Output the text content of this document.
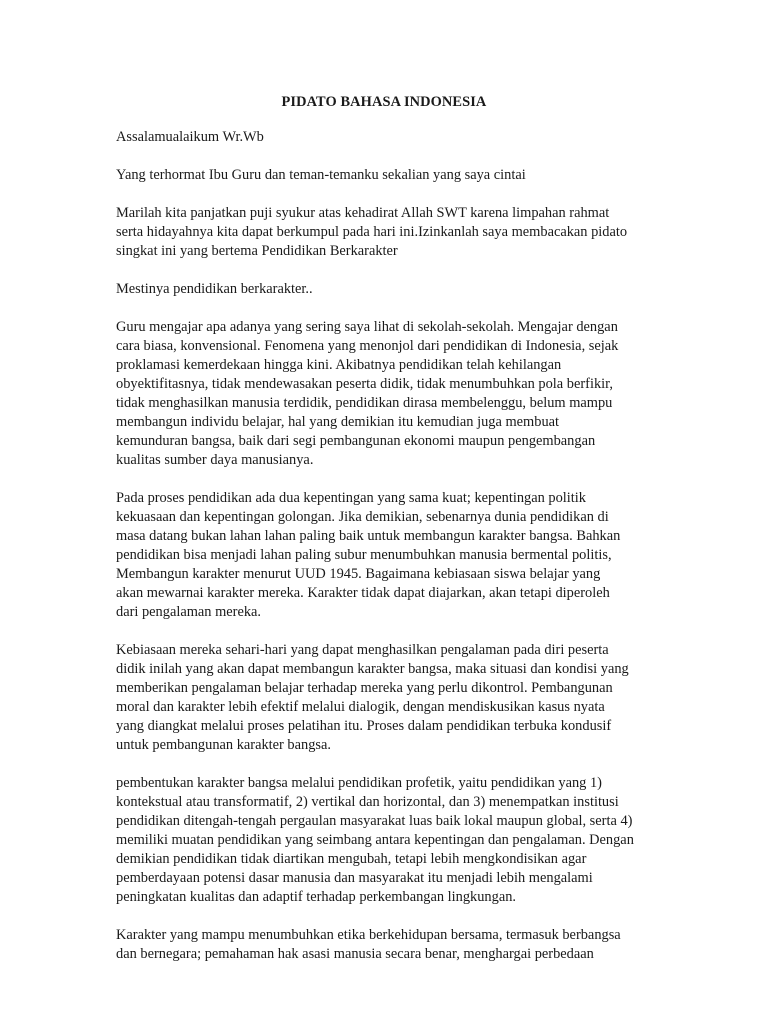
PIDATO BAHASA INDONESIA

Assalamualaikum Wr.Wb

Yang terhormat Ibu Guru dan teman-temanku sekalian yang saya cintai

Marilah kita panjatkan puji syukur atas kehadirat Allah SWT karena limpahan rahmat
serta hidayahnya kita dapat berkumpul pada hari ini.Izinkanlah saya membacakan pidato
singkat ini yang bertema Pendidikan Berkarakter

Mestinya pendidikan berkarakter..

Guru mengajar apa adanya yang sering saya lihat di sekolah-sekolah. Mengajar dengan
cara biasa, konvensional. Fenomena yang menonjol dari pendidikan di Indonesia, sejak
proklamasi kemerdekaan hingga kini. Akibatnya pendidikan telah kehilangan
obyektifitasnya, tidak mendewasakan peserta didik, tidak menumbuhkan pola berfikir,
tidak menghasilkan manusia terdidik, pendidikan dirasa membelenggu, belum mampu
membangun individu belajar, hal yang demikian itu kemudian juga membuat
kemunduran bangsa, baik dari segi pembangunan ekonomi maupun pengembangan
kualitas sumber daya manusianya.

Pada proses pendidikan ada dua kepentingan yang sama kuat; kepentingan politik
kekuasaan dan kepentingan golongan. Jika demikian, sebenarnya dunia pendidikan di
masa datang bukan lahan lahan paling baik untuk membangun karakter bangsa. Bahkan
pendidikan bisa menjadi lahan paling subur menumbuhkan manusia bermental politis,
Membangun karakter menurut UUD 1945. Bagaimana kebiasaan siswa belajar yang
akan mewarnai karakter mereka. Karakter tidak dapat diajarkan, akan tetapi diperoleh
dari pengalaman mereka.

Kebiasaan mereka sehari-hari yang dapat menghasilkan pengalaman pada diri peserta
didik inilah yang akan dapat membangun karakter bangsa, maka situasi dan kondisi yang
memberikan pengalaman belajar terhadap mereka yang perlu dikontrol. Pembangunan
moral dan karakter lebih efektif melalui dialogik, dengan mendiskusikan kasus nyata
yang diangkat melalui proses pelatihan itu. Proses dalam pendidikan terbuka kondusif
untuk pembangunan karakter bangsa.

pembentukan karakter bangsa melalui pendidikan profetik, yaitu pendidikan yang 1)
kontekstual atau transformatif, 2) vertikal dan horizontal, dan 3) menempatkan institusi
pendidikan ditengah-tengah pergaulan masyarakat luas baik lokal maupun global, serta 4)
memiliki muatan pendidikan yang seimbang antara kepentingan dan pengalaman. Dengan
demikian pendidikan tidak diartikan mengubah, tetapi lebih mengkondisikan agar
pemberdayaan potensi dasar manusia dan masyarakat itu menjadi lebih mengalami
peningkatan kualitas dan adaptif terhadap perkembangan lingkungan.

Karakter yang mampu menumbuhkan etika berkehidupan bersama, termasuk berbangsa
dan bernegara; pemahaman hak asasi manusia secara benar, menghargai perbedaan
